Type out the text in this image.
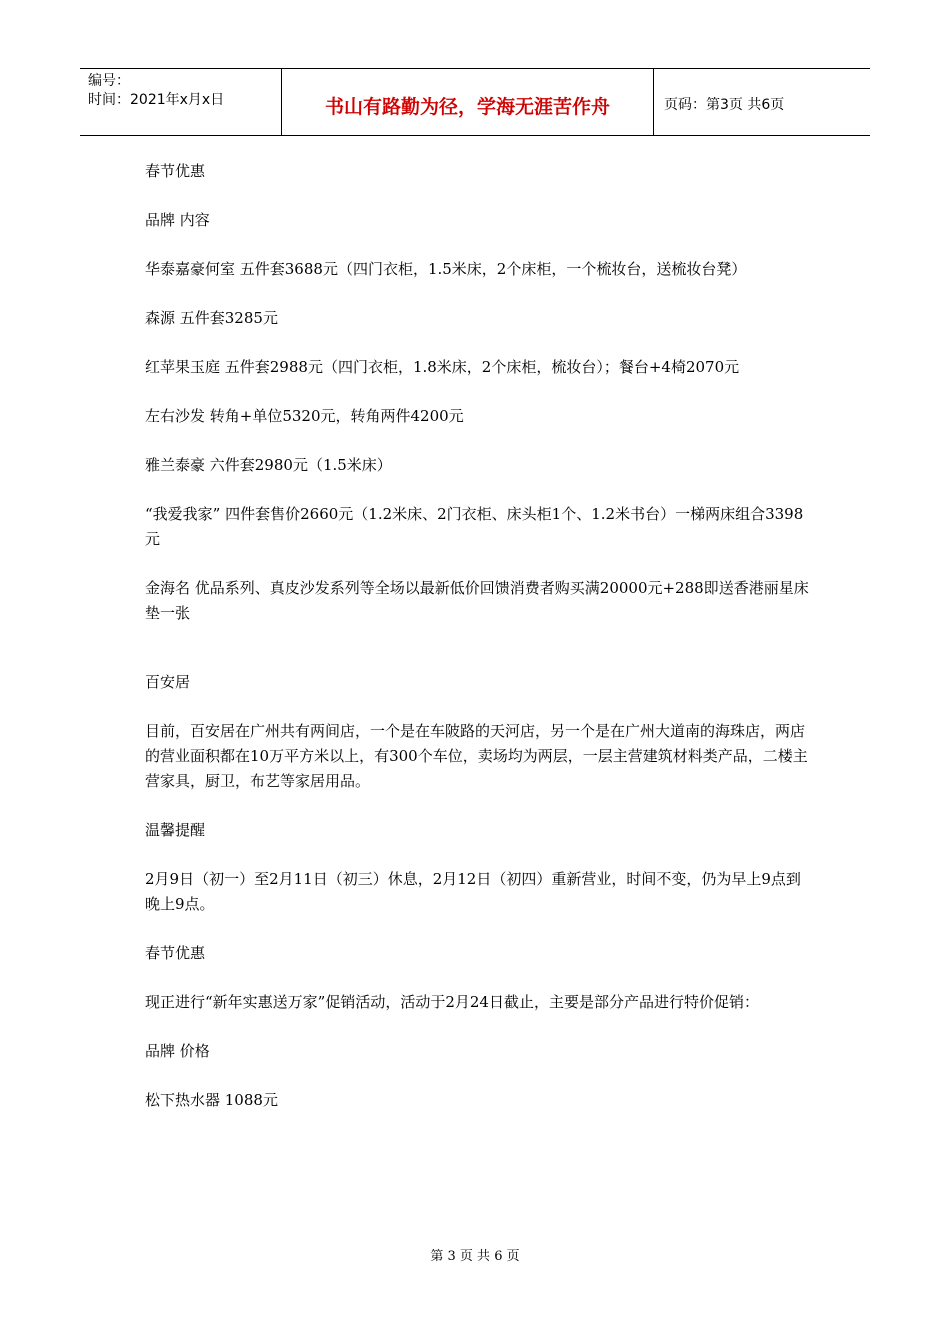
编号：
时间：2021年x月x日	书山有路勤为径，学海无涯苦作舟	页码：第3页 共6页

春节优惠

品牌 内容

华泰嘉豪何室 五件套3688元（四门衣柜，1.5米床，2个床柜，一个梳妆台，送梳妆台凳）

森源 五件套3285元

红苹果玉庭 五件套2988元（四门衣柜，1.8米床，2个床柜，梳妆台）；餐台+4椅2070元

左右沙发 转角+单位5320元，转角两件4200元

雅兰泰豪 六件套2980元（1.5米床）

“我爱我家” 四件套售价2660元（1.2米床、2门衣柜、床头柜1个、1.2米书台）一梯两床组合3398元

金海名 优品系列、真皮沙发系列等全场以最新低价回馈消费者购买满20000元+288即送香港丽星床垫一张

百安居

目前，百安居在广州共有两间店，一个是在车陂路的天河店，另一个是在广州大道南的海珠店，两店的营业面积都在10万平方米以上，有300个车位，卖场均为两层，一层主营建筑材料类产品，二楼主营家具，厨卫，布艺等家居用品。

温馨提醒

2月9日（初一）至2月11日（初三）休息，2月12日（初四）重新营业，时间不变，仍为早上9点到晚上9点。

春节优惠

现正进行“新年实惠送万家”促销活动，活动于2月24日截止，主要是部分产品进行特价促销：

品牌 价格

松下热水器 1088元

第 3 页 共 6 页
